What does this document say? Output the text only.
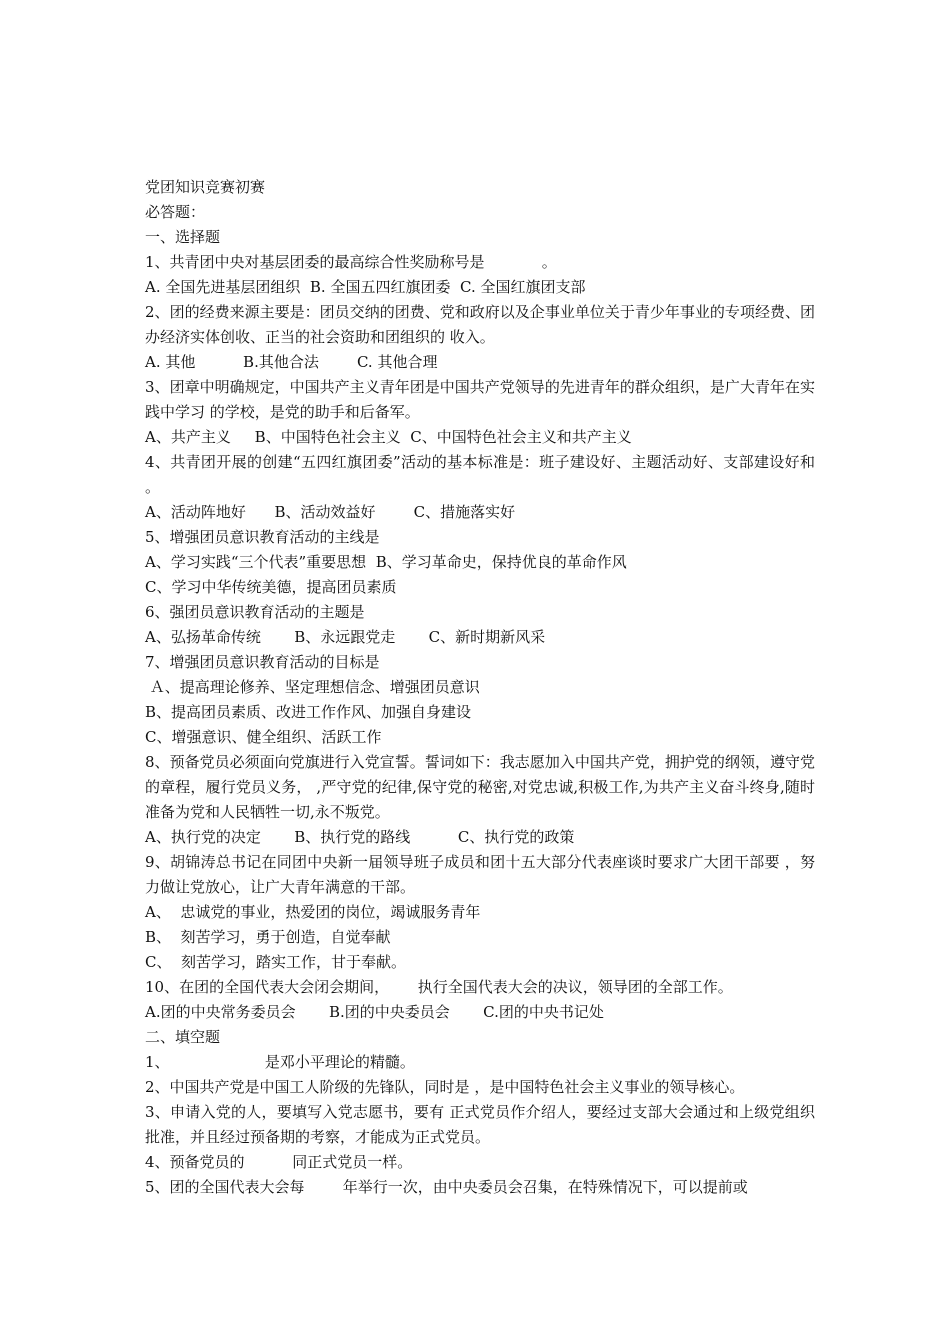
党团知识竞赛初赛

必答题：

一、选择题

1、共青团中央对基层团委的最高综合性奖励称号是            。

A. 全国先进基层团组织  B. 全国五四红旗团委  C. 全国红旗团支部

2、团的经费来源主要是：团员交纳的团费、党和政府以及企事业单位关于青少年事业的专项经费、团办经济实体创收、正当的社会资助和团组织的 收入。

A. 其他          B.其他合法        C. 其他合理

3、团章中明确规定，中国共产主义青年团是中国共产党领导的先进青年的群众组织，是广大青年在实践中学习 的学校，是党的助手和后备军。

A、共产主义     B、中国特色社会主义  C、中国特色社会主义和共产主义

4、共青团开展的创建“五四红旗团委”活动的基本标准是：班子建设好、主题活动好、支部建设好和 。

A、活动阵地好      B、活动效益好        C、措施落实好

5、增强团员意识教育活动的主线是

A、学习实践“三个代表”重要思想  B、学习革命史，保持优良的革命作风

C、学习中华传统美德，提高团员素质

6、强团员意识教育活动的主题是

A、弘扬革命传统       B、永远跟党走       C、新时期新风采

7、增强团员意识教育活动的目标是

Ａ、提高理论修养、坚定理想信念、增强团员意识

B、提高团员素质、改进工作作风、加强自身建设

C、增强意识、健全组织、活跃工作

8、预备党员必须面向党旗进行入党宣誓。誓词如下：我志愿加入中国共产党，拥护党的纲领，遵守党的章程，履行党员义务， ,严守党的纪律,保守党的秘密,对党忠诚,积极工作,为共产主义奋斗终身,随时准备为党和人民牺牲一切,永不叛党。

A、执行党的决定       B、执行党的路线          C、执行党的政策

9、胡锦涛总书记在同团中央新一届领导班子成员和团十五大部分代表座谈时要求广大团干部要 ，努力做让党放心，让广大青年满意的干部。

A、  忠诚党的事业，热爱团的岗位，竭诚服务青年

B、  刻苦学习，勇于创造，自觉奉献

C、  刻苦学习，踏实工作，甘于奉献。

10、在团的全国代表大会闭会期间，      执行全国代表大会的决议，领导团的全部工作。

A.团的中央常务委员会       B.团的中央委员会       C.团的中央书记处

二、填空题

1、                    是邓小平理论的精髓。

2、中国共产党是中国工人阶级的先锋队，同时是 ，是中国特色社会主义事业的领导核心。

3、申请入党的人，要填写入党志愿书，要有 正式党员作介绍人，要经过支部大会通过和上级党组织批准，并且经过预备期的考察，才能成为正式党员。

4、预备党员的          同正式党员一样。

5、团的全国代表大会每        年举行一次，由中央委员会召集，在特殊情况下，可以提前或
